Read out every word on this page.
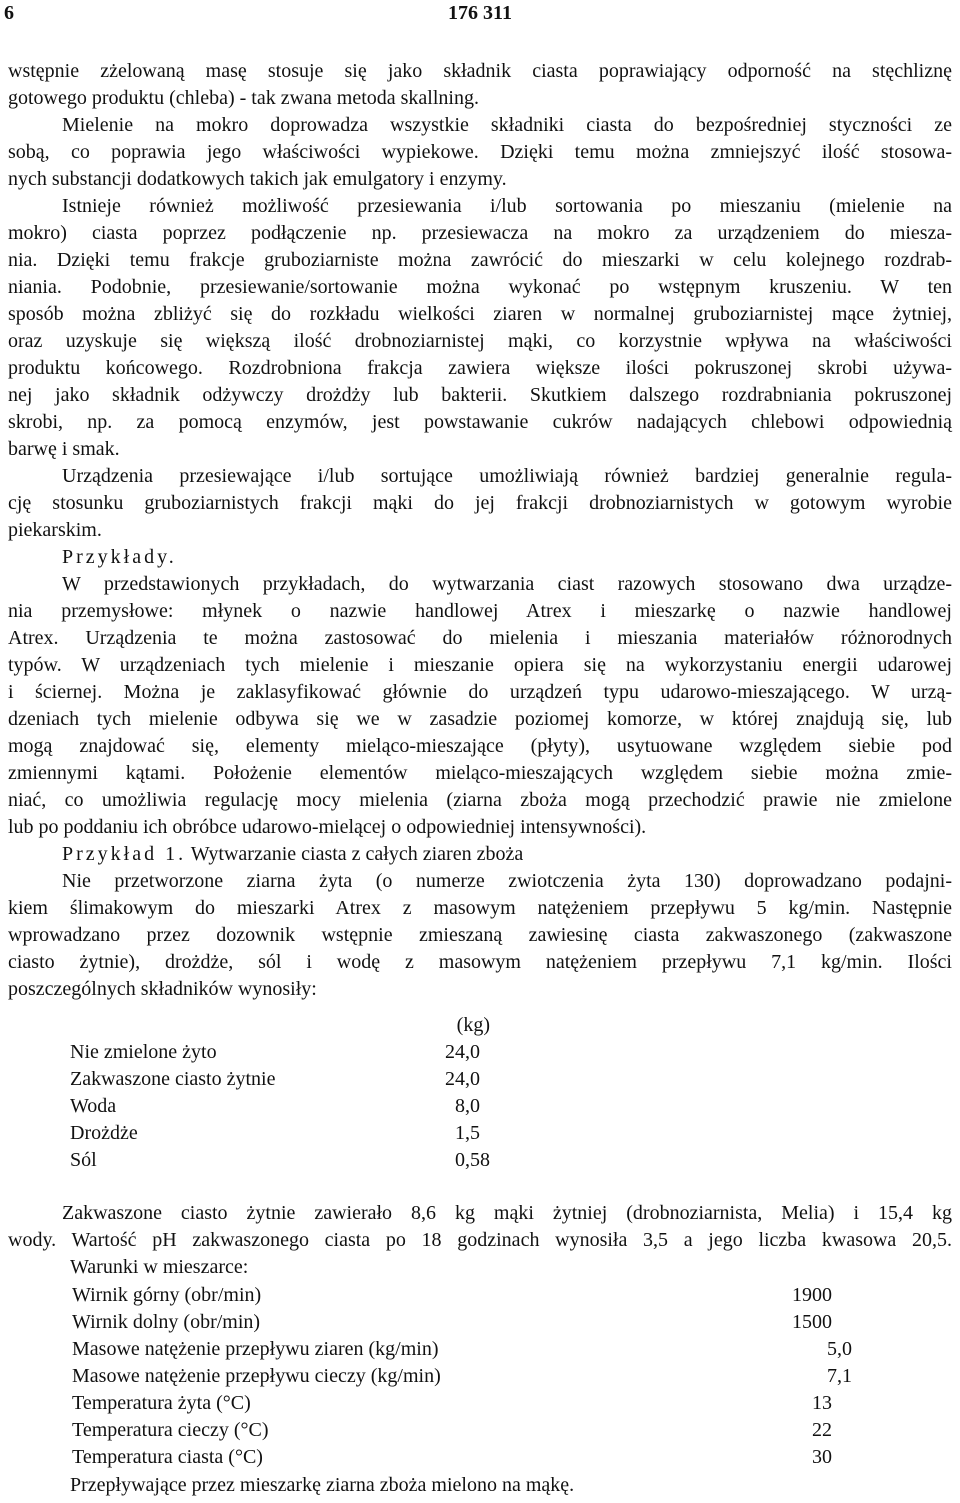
6	176 311
wstępnie zżelowaną masę stosuje się jako składnik ciasta poprawiający odporność na stęchliznę
gotowego produktu (chleba) - tak zwana metoda skallning.
Mielenie na mokro doprowadza wszystkie składniki ciasta do bezpośredniej styczności ze
sobą, co poprawia jego właściwości wypiekowe. Dzięki temu można zmniejszyć ilość stosowa-
nych substancji dodatkowych takich jak emulgatory i enzymy.
Istnieje również możliwość przesiewania i/lub sortowania po mieszaniu (mielenie na
mokro) ciasta poprzez podłączenie np. przesiewacza na mokro za urządzeniem do miesza-
nia. Dzięki temu frakcje gruboziarniste można zawrócić do mieszarki w celu kolejnego rozdrab-
niania. Podobnie, przesiewanie/sortowanie można wykonać po wstępnym kruszeniu. W ten
sposób można zbliżyć się do rozkładu wielkości ziaren w normalnej gruboziarnistej mące żytniej,
oraz uzyskuje się większą ilość drobnoziarnistej mąki, co korzystnie wpływa na właściwości
produktu końcowego. Rozdrobniona frakcja zawiera większe ilości pokruszonej skrobi używa-
nej jako składnik odżywczy drożdży lub bakterii. Skutkiem dalszego rozdrabniania pokruszonej
skrobi, np. za pomocą enzymów, jest powstawanie cukrów nadających chlebowi odpowiednią
barwę i smak.
Urządzenia przesiewające i/lub sortujące umożliwiają również bardziej generalnie regula-
cję stosunku gruboziarnistych frakcji mąki do jej frakcji drobnoziarnistych w gotowym wyrobie
piekarskim.
Przykłady.
W przedstawionych przykładach, do wytwarzania ciast razowych stosowano dwa urządze-
nia przemysłowe: młynek o nazwie handlowej Atrex i mieszarkę o nazwie handlowej
Atrex. Urządzenia te można zastosować do mielenia i mieszania materiałów różnorodnych
typów. W urządzeniach tych mielenie i mieszanie opiera się na wykorzystaniu energii udarowej
i ściernej. Można je zaklasyfikować głównie do urządzeń typu udarowo-mieszającego. W urzą-
dzeniach tych mielenie odbywa się we w zasadzie poziomej komorze, w której znajdują się, lub
mogą znajdować się, elementy mieląco-mieszające (płyty), usytuowane względem siebie pod
zmiennymi kątami. Położenie elementów mieląco-mieszających względem siebie można zmie-
niać, co umożliwia regulację mocy mielenia (ziarna zboża mogą przechodzić prawie nie zmielone
lub po poddaniu ich obróbce udarowo-mielącej o odpowiedniej intensywności).
Przykład 1. Wytwarzanie ciasta z całych ziaren zboża
Nie przetworzone ziarna żyta (o numerze zwiotczenia żyta 130) doprowadzano podajni-
kiem ślimakowym do mieszarki Atrex z masowym natężeniem przepływu 5 kg/min. Następnie
wprowadzano przez dozownik wstępnie zmieszaną zawiesinę ciasta zakwaszonego (zakwaszone
ciasto żytnie), drożdże, sól i wodę z masowym natężeniem przepływu 7,1 kg/min. Ilości
poszczególnych składników wynosiły:
(kg)
Nie zmielone żyto	24,0
Zakwaszone ciasto żytnie	24,0
Woda	8,0
Drożdże	1,5
Sól	0,58
Zakwaszone ciasto żytnie zawierało 8,6 kg mąki żytniej (drobnoziarnista, Melia) i 15,4 kg
wody. Wartość pH zakwaszonego ciasta po 18 godzinach wynosiła 3,5 a jego liczba kwasowa 20,5.
Warunki w mieszarce:
Wirnik górny (obr/min)	1900
Wirnik dolny (obr/min)	1500
Masowe natężenie przepływu ziaren (kg/min)	5,0
Masowe natężenie przepływu cieczy (kg/min)	7,1
Temperatura żyta (°C)	13
Temperatura cieczy (°C)	22
Temperatura ciasta (°C)	30
Przepływające przez mieszarkę ziarna zboża mielono na mąkę.
